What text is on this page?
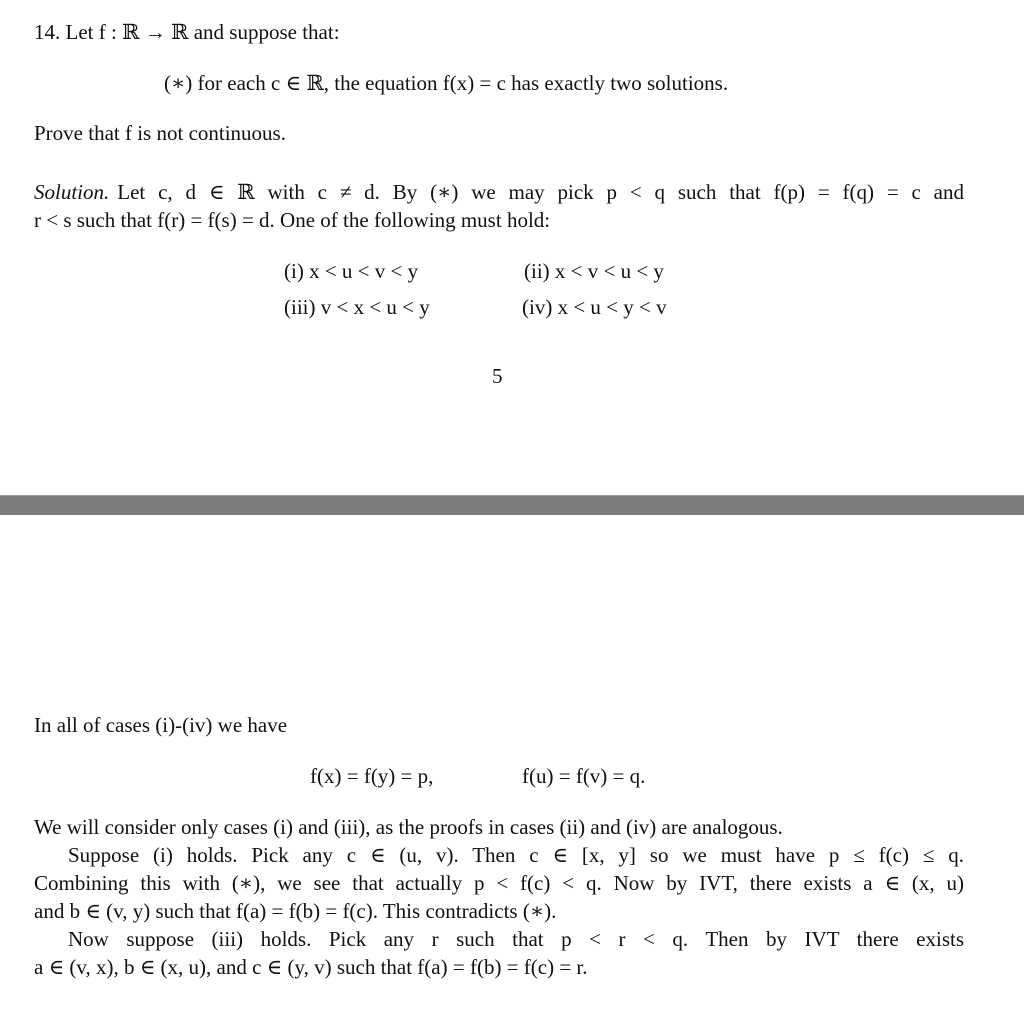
14. Let f : ℝ → ℝ and suppose that:
(∗) for each c ∈ ℝ, the equation f(x) = c has exactly two solutions.
Prove that f is not continuous.
Solution. Let c, d ∈ ℝ with c ≠ d. By (∗) we may pick p < q such that f(p) = f(q) = c and
r < s such that f(r) = f(s) = d. One of the following must hold:
(i) x < u < v < y	(ii) x < v < u < y
(iii) v < x < u < y	(iv) x < u < y < v
5
In all of cases (i)-(iv) we have
f(x) = f(y) = p,	f(u) = f(v) = q.
We will consider only cases (i) and (iii), as the proofs in cases (ii) and (iv) are analogous.
Suppose (i) holds. Pick any c ∈ (u, v). Then c ∈ [x, y] so we must have p ≤ f(c) ≤ q.
Combining this with (∗), we see that actually p < f(c) < q. Now by IVT, there exists a ∈ (x, u)
and b ∈ (v, y) such that f(a) = f(b) = f(c). This contradicts (∗).
Now suppose (iii) holds. Pick any r such that p < r < q. Then by IVT there exists
a ∈ (v, x), b ∈ (x, u), and c ∈ (y, v) such that f(a) = f(b) = f(c) = r.
